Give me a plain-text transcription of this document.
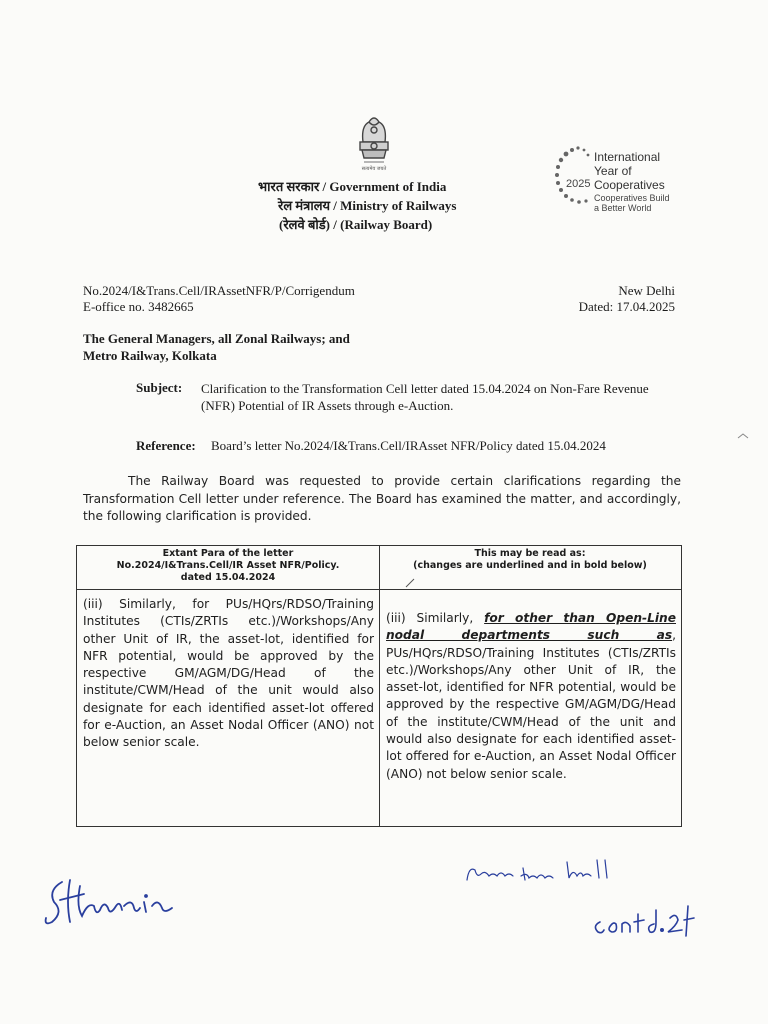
सत्यमेव जयते
भारत सरकार / Government of India
रेल मंत्रालय / Ministry of Railways
(रेलवे बोर्ड) / (Railway Board)
International Year of Cooperatives
2025
Cooperatives Build a Better World
No.2024/I&Trans.Cell/IRAssetNFR/P/Corrigendum
E-office no. 3482665
New Delhi
Dated: 17.04.2025
The General Managers, all Zonal Railways; and
Metro Railway, Kolkata
Subject: Clarification to the Transformation Cell letter dated 15.04.2024 on Non-Fare Revenue (NFR) Potential of IR Assets through e-Auction.
Reference: Board’s letter No.2024/I&Trans.Cell/IRAsset NFR/Policy dated 15.04.2024
The Railway Board was requested to provide certain clarifications regarding the Transformation Cell letter under reference. The Board has examined the matter, and accordingly, the following clarification is provided.
Extant Para of the letter
No.2024/I&Trans.Cell/IR Asset NFR/Policy.
dated 15.04.2024
This may be read as:
(changes are underlined and in bold below)
(iii) Similarly, for PUs/HQrs/RDSO/Training Institutes (CTIs/ZRTIs etc.)/Workshops/Any other Unit of IR, the asset-lot, identified for NFR potential, would be approved by the respective GM/AGM/DG/Head of the institute/CWM/Head of the unit would also designate for each identified asset-lot offered for e-Auction, an Asset Nodal Officer (ANO) not below senior scale.
(iii) Similarly, for other than Open-Line nodal departments such as, PUs/HQrs/RDSO/Training Institutes (CTIs/ZRTIs etc.)/Workshops/Any other Unit of IR, the asset-lot, identified for NFR potential, would be approved by the respective GM/AGM/DG/Head of the institute/CWM/Head of the unit and would also designate for each identified asset-lot offered for e-Auction, an Asset Nodal Officer (ANO) not below senior scale.
